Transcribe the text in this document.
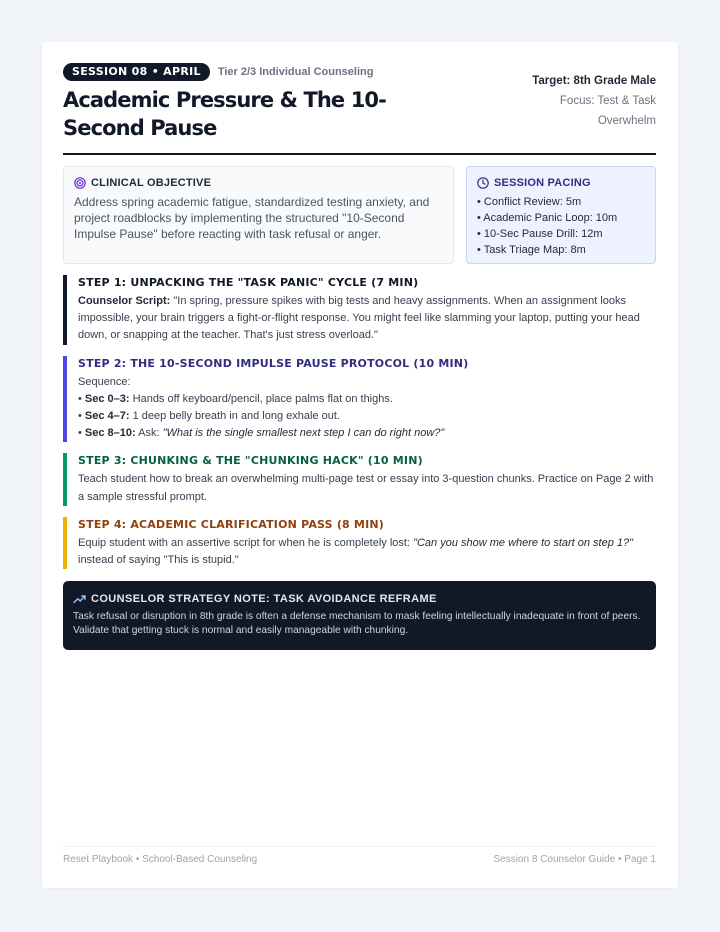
SESSION 08 • APRIL	Tier 2/3 Individual Counseling
Academic Pressure & The 10-Second Pause
Target: 8th Grade Male
Focus: Test & Task Overwhelm
CLINICAL OBJECTIVE

Address spring academic fatigue, standardized testing anxiety, and project roadblocks by implementing the structured "10-Second Impulse Pause" before reacting with task refusal or anger.

SESSION PACING
• Conflict Review: 5m
• Academic Panic Loop: 10m
• 10-Sec Pause Drill: 12m
• Task Triage Map: 8m
STEP 1: UNPACKING THE "TASK PANIC" CYCLE (7 MIN)

Counselor Script: "In spring, pressure spikes with big tests and heavy assignments. When an assignment looks impossible, your brain triggers a fight-or-flight response. You might feel like slamming your laptop, putting your head down, or snapping at the teacher. That's just stress overload."

STEP 2: THE 10-SECOND IMPULSE PAUSE PROTOCOL (10 MIN)
Sequence:
• Sec 0–3: Hands off keyboard/pencil, place palms flat on thighs.
• Sec 4–7: 1 deep belly breath in and long exhale out.
• Sec 8–10: Ask: "What is the single smallest next step I can do right now?"
STEP 3: CHUNKING & THE "CHUNKING HACK" (10 MIN)

Teach student how to break an overwhelming multi-page test or essay into 3-question chunks. Practice on Page 2 with a sample stressful prompt.

STEP 4: ACADEMIC CLARIFICATION PASS (8 MIN)

Equip student with an assertive script for when he is completely lost: "Can you show me where to start on step 1?" instead of saying "This is stupid."

COUNSELOR STRATEGY NOTE: TASK AVOIDANCE REFRAME

Task refusal or disruption in 8th grade is often a defense mechanism to mask feeling intellectually inadequate in front of peers. Validate that getting stuck is normal and easily manageable with chunking.

Reset Playbook • School-Based Counseling	Session 8 Counselor Guide • Page 1
